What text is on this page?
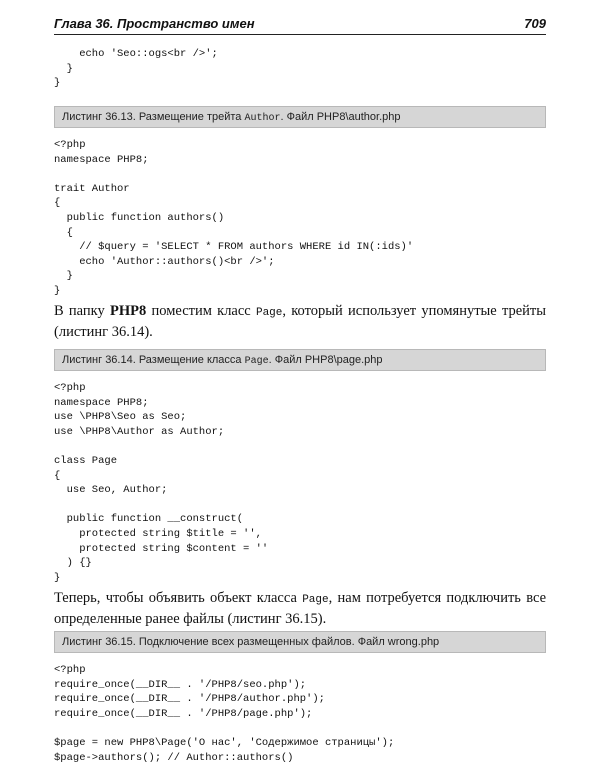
Глава 36. Пространство имен	709
echo 'Seo::ogs<br />';
}
}
Листинг 36.13. Размещение трейта Author. Файл PHP8\author.php
<?php
namespace PHP8;

trait Author
{
public function authors()
{
// $query = 'SELECT * FROM authors WHERE id IN(:ids)'
echo 'Author::authors()<br />';
}
}

В папку PHP8 поместим класс Page, который использует упомянутые трейты (листинг 36.14).

Листинг 36.14. Размещение класса Page. Файл PHP8\page.php
<?php
namespace PHP8;
use \PHP8\Seo as Seo;
use \PHP8\Author as Author;

class Page
{
use Seo, Author;

public function __construct(
protected string $title = '',
protected string $content = ''
) {}
}

Теперь, чтобы объявить объект класса Page, нам потребуется подключить все определенные ранее файлы (листинг 36.15).

Листинг 36.15. Подключение всех размещенных файлов. Файл wrong.php
<?php
require_once(__DIR__ . '/PHP8/seo.php');
require_once(__DIR__ . '/PHP8/author.php');
require_once(__DIR__ . '/PHP8/page.php');

$page = new PHP8\Page('О нас', 'Содержимое страницы');
$page->authors(); // Author::authors()
